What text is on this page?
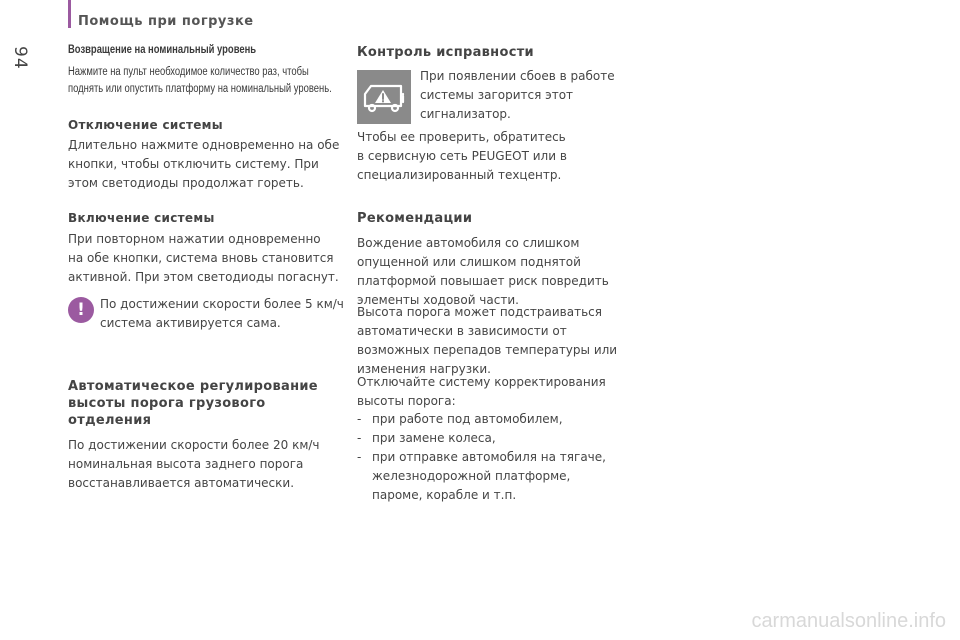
94
Помощь при погрузке
Возвращение на номинальный уровень
Нажмите на пульт необходимое количество раз, чтобы
поднять или опустить платформу на номинальный уровень.
Отключение системы
Длительно нажмите одновременно на обе
кнопки, чтобы отключить систему. При
этом светодиоды продолжат гореть.
Включение системы
При повторном нажатии одновременно
на обе кнопки, система вновь становится
активной. При этом светодиоды погаснут.
!	По достижении скорости более 5 км/ч
система активируется сама.
Автоматическое регулирование
высоты порога грузового
отделения
По достижении скорости более 20 км/ч
номинальная высота заднего порога
восстанавливается автоматически.
Контроль исправности
При появлении сбоев в работе
системы загорится этот
сигнализатор.
Чтобы ее проверить, обратитесь
в сервисную сеть PEUGEOT или в
специализированный техцентр.
Рекомендации
Вождение автомобиля со слишком
опущенной или слишком поднятой
платформой повышает риск повредить
элементы ходовой части.
Высота порога может подстраиваться
автоматически в зависимости от
возможных перепадов температуры или
изменения нагрузки.
Отключайте систему корректирования
высоты порога:
- при работе под автомобилем,
- при замене колеса,
- при отправке автомобиля на тягаче,
железнодорожной платформе,
пароме, корабле и т.п.
carmanualsonline.info
